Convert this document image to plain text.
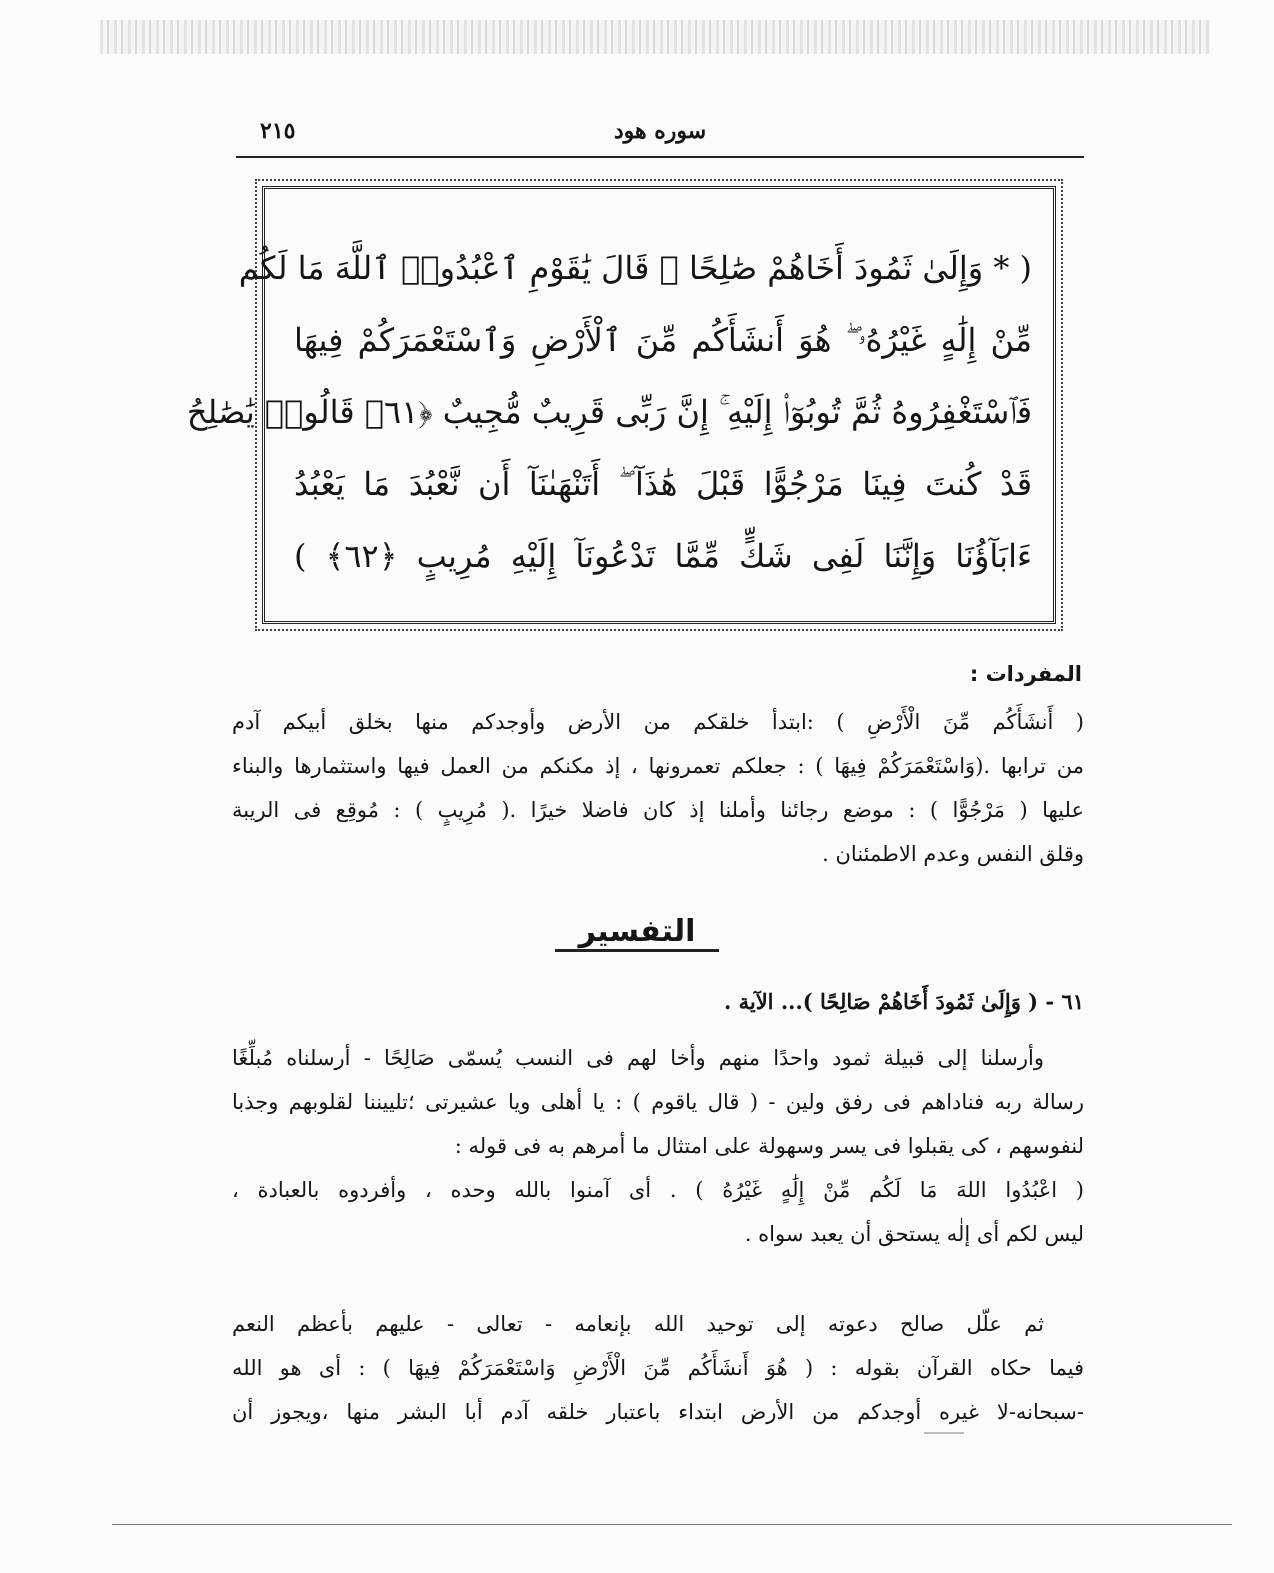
سوره هود
٢١٥
( * وَإِلَىٰ ثَمُودَ أَخَاهُمْ صَٰلِحًا ۚ قَالَ يَٰقَوْمِ ٱعْبُدُوا۟ ٱللَّهَ مَا لَكُم
مِّنْ إِلَٰهٍ غَيْرُهُۥ ۖ هُوَ أَنشَأَكُم مِّنَ ٱلْأَرْضِ وَٱسْتَعْمَرَكُمْ فِيهَا
فَٱسْتَغْفِرُوهُ ثُمَّ تُوبُوٓا۟ إِلَيْهِ ۚ إِنَّ رَبِّى قَرِيبٌ مُّجِيبٌ ﴿٦١﴾ قَالُوا۟ يَٰصَٰلِحُ
قَدْ كُنتَ فِينَا مَرْجُوًّا قَبْلَ هَٰذَآ ۖ أَتَنْهَىٰنَآ أَن نَّعْبُدَ مَا يَعْبُدُ
ءَابَآؤُنَا وَإِنَّنَا لَفِى شَكٍّ مِّمَّا تَدْعُونَآ إِلَيْهِ مُرِيبٍ ﴿٦٢﴾ )
المفردات :
( أَنشَأَكُم مِّنَ الْأَرْضِ ) :ابتدأ خلقكم من الأرض وأوجدكم منها بخلق أبيكم آدم
من ترابها .(وَاسْتَعْمَرَكُمْ فِيهَا ) : جعلكم تعمرونها ، إذ مكنكم من العمل فيها واستثمارها والبناء
عليها ( مَرْجُوًّا ) : موضع رجائنا وأملنا إذ كان فاضلا خيرًا .( مُرِيبٍ ) : مُوقِع فى الريبة
وقلق النفس وعدم الاطمئنان .
التفسير
٦١ - ( وَإِلَىٰ ثَمُودَ أَخَاهُمْ صَالِحًا )... الآية .
وأرسلنا إلى قبيلة ثمود واحدًا منهم وأخا لهم فى النسب يُسمّى صَالِحًا - أرسلناه مُبلِّغًا
رسالة ربه فناداهم فى رفق ولين - ( قال ياقوم ) : يا أهلى ويا عشيرتى ؛تلييننا لقلوبهم وجذبا
لنفوسهم ، كى يقبلوا فى يسر وسهولة على امتثال ما أمرهم به فى قوله :
( اعْبُدُوا اللهَ مَا لَكُم مِّنْ إِلَٰهٍ غَيْرُهُ ) . أى آمنوا بالله وحده ، وأفردوه بالعبادة ،
ليس لكم أى إلٰه يستحق أن يعبد سواه .
ثم علّل صالح دعوته إلى توحيد الله بإنعامه - تعالى - عليهم بأعظم النعم
فيما حكاه القرآن بقوله : ( هُوَ أَنشَأَكُم مِّنَ الْأَرْضِ وَاسْتَعْمَرَكُمْ فِيهَا ) : أى هو الله
-سبحانه-لا غيره أوجدكم من الأرض ابتداء باعتبار خلقه آدم أبا البشر منها ،ويجوز أن
